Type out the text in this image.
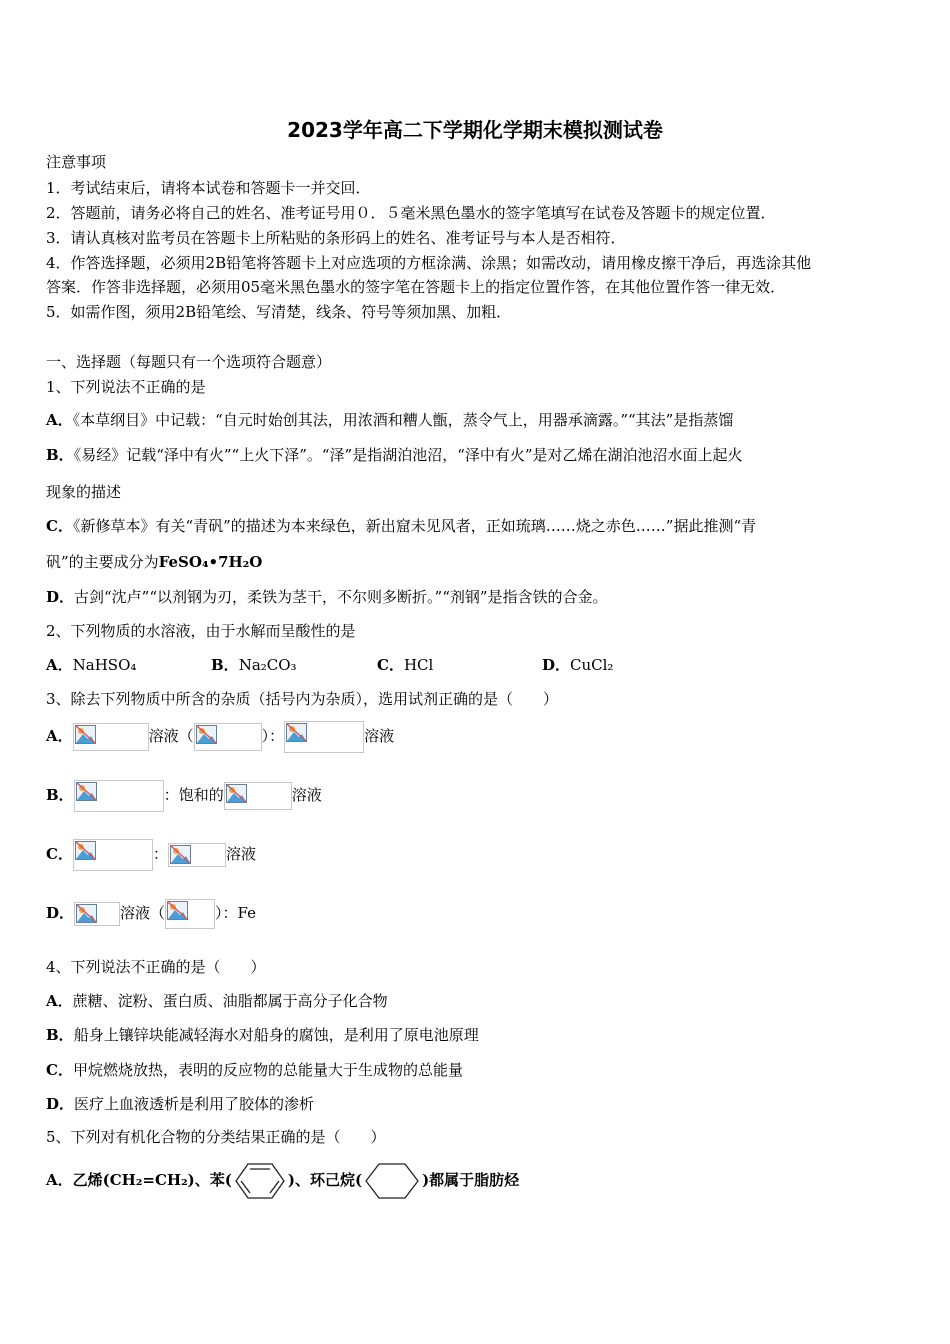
2023学年高二下学期化学期末模拟测试卷
注意事项
1．考试结束后，请将本试卷和答题卡一并交回．
2．答题前，请务必将自己的姓名、准考证号用０．５毫米黑色墨水的签字笔填写在试卷及答题卡的规定位置．
3．请认真核对监考员在答题卡上所粘贴的条形码上的姓名、准考证号与本人是否相符．
4．作答选择题，必须用2B铅笔将答题卡上对应选项的方框涂满、涂黑；如需改动，请用橡皮擦干净后，再选涂其他
答案．作答非选择题，必须用05毫米黑色墨水的签字笔在答题卡上的指定位置作答，在其他位置作答一律无效．
5．如需作图，须用2B铅笔绘、写清楚，线条、符号等须加黑、加粗．
一、选择题（每题只有一个选项符合题意）
1、下列说法不正确的是
A．《本草纲目》中记载：“自元时始创其法，用浓酒和糟人甑，蒸令气上，用器承滴露。”“其法”是指蒸馏
B．《易经》记载“泽中有火”“上火下泽”。“泽”是指湖泊池沼，“泽中有火”是对乙烯在湖泊池沼水面上起火
现象的描述
C．《新修草本》有关“青矾”的描述为本来绿色，新出窟未见风者，正如琉璃……烧之赤色……”据此推测“青
矾”的主要成分为FeSO₄•7H₂O
D．古剑“沈卢”“以剂钢为刃，柔铁为茎干，不尔则多断折。”“剂钢”是指含铁的合金。
2、下列物质的水溶液，由于水解而呈酸性的是
A．NaHSO₄	B．Na₂CO₃	C．HCl	D．CuCl₂
3、除去下列物质中所含的杂质（括号内为杂质），选用试剂正确的是（　　）
A．	溶液（	）：	溶液
B．	：饱和的	溶液
C．	：	溶液
D．	溶液（	）：Fe
4、下列说法不正确的是（　　）
A．蔗糖、淀粉、蛋白质、油脂都属于高分子化合物
B．船身上镶锌块能减轻海水对船身的腐蚀，是利用了原电池原理
C．甲烷燃烧放热，表明的反应物的总能量大于生成物的总能量
D．医疗上血液透析是利用了胶体的渗析
5、下列对有机化合物的分类结果正确的是（　　）
A．乙烯(CH₂=CH₂)、苯(	)、环己烷(	)都属于脂肪烃
